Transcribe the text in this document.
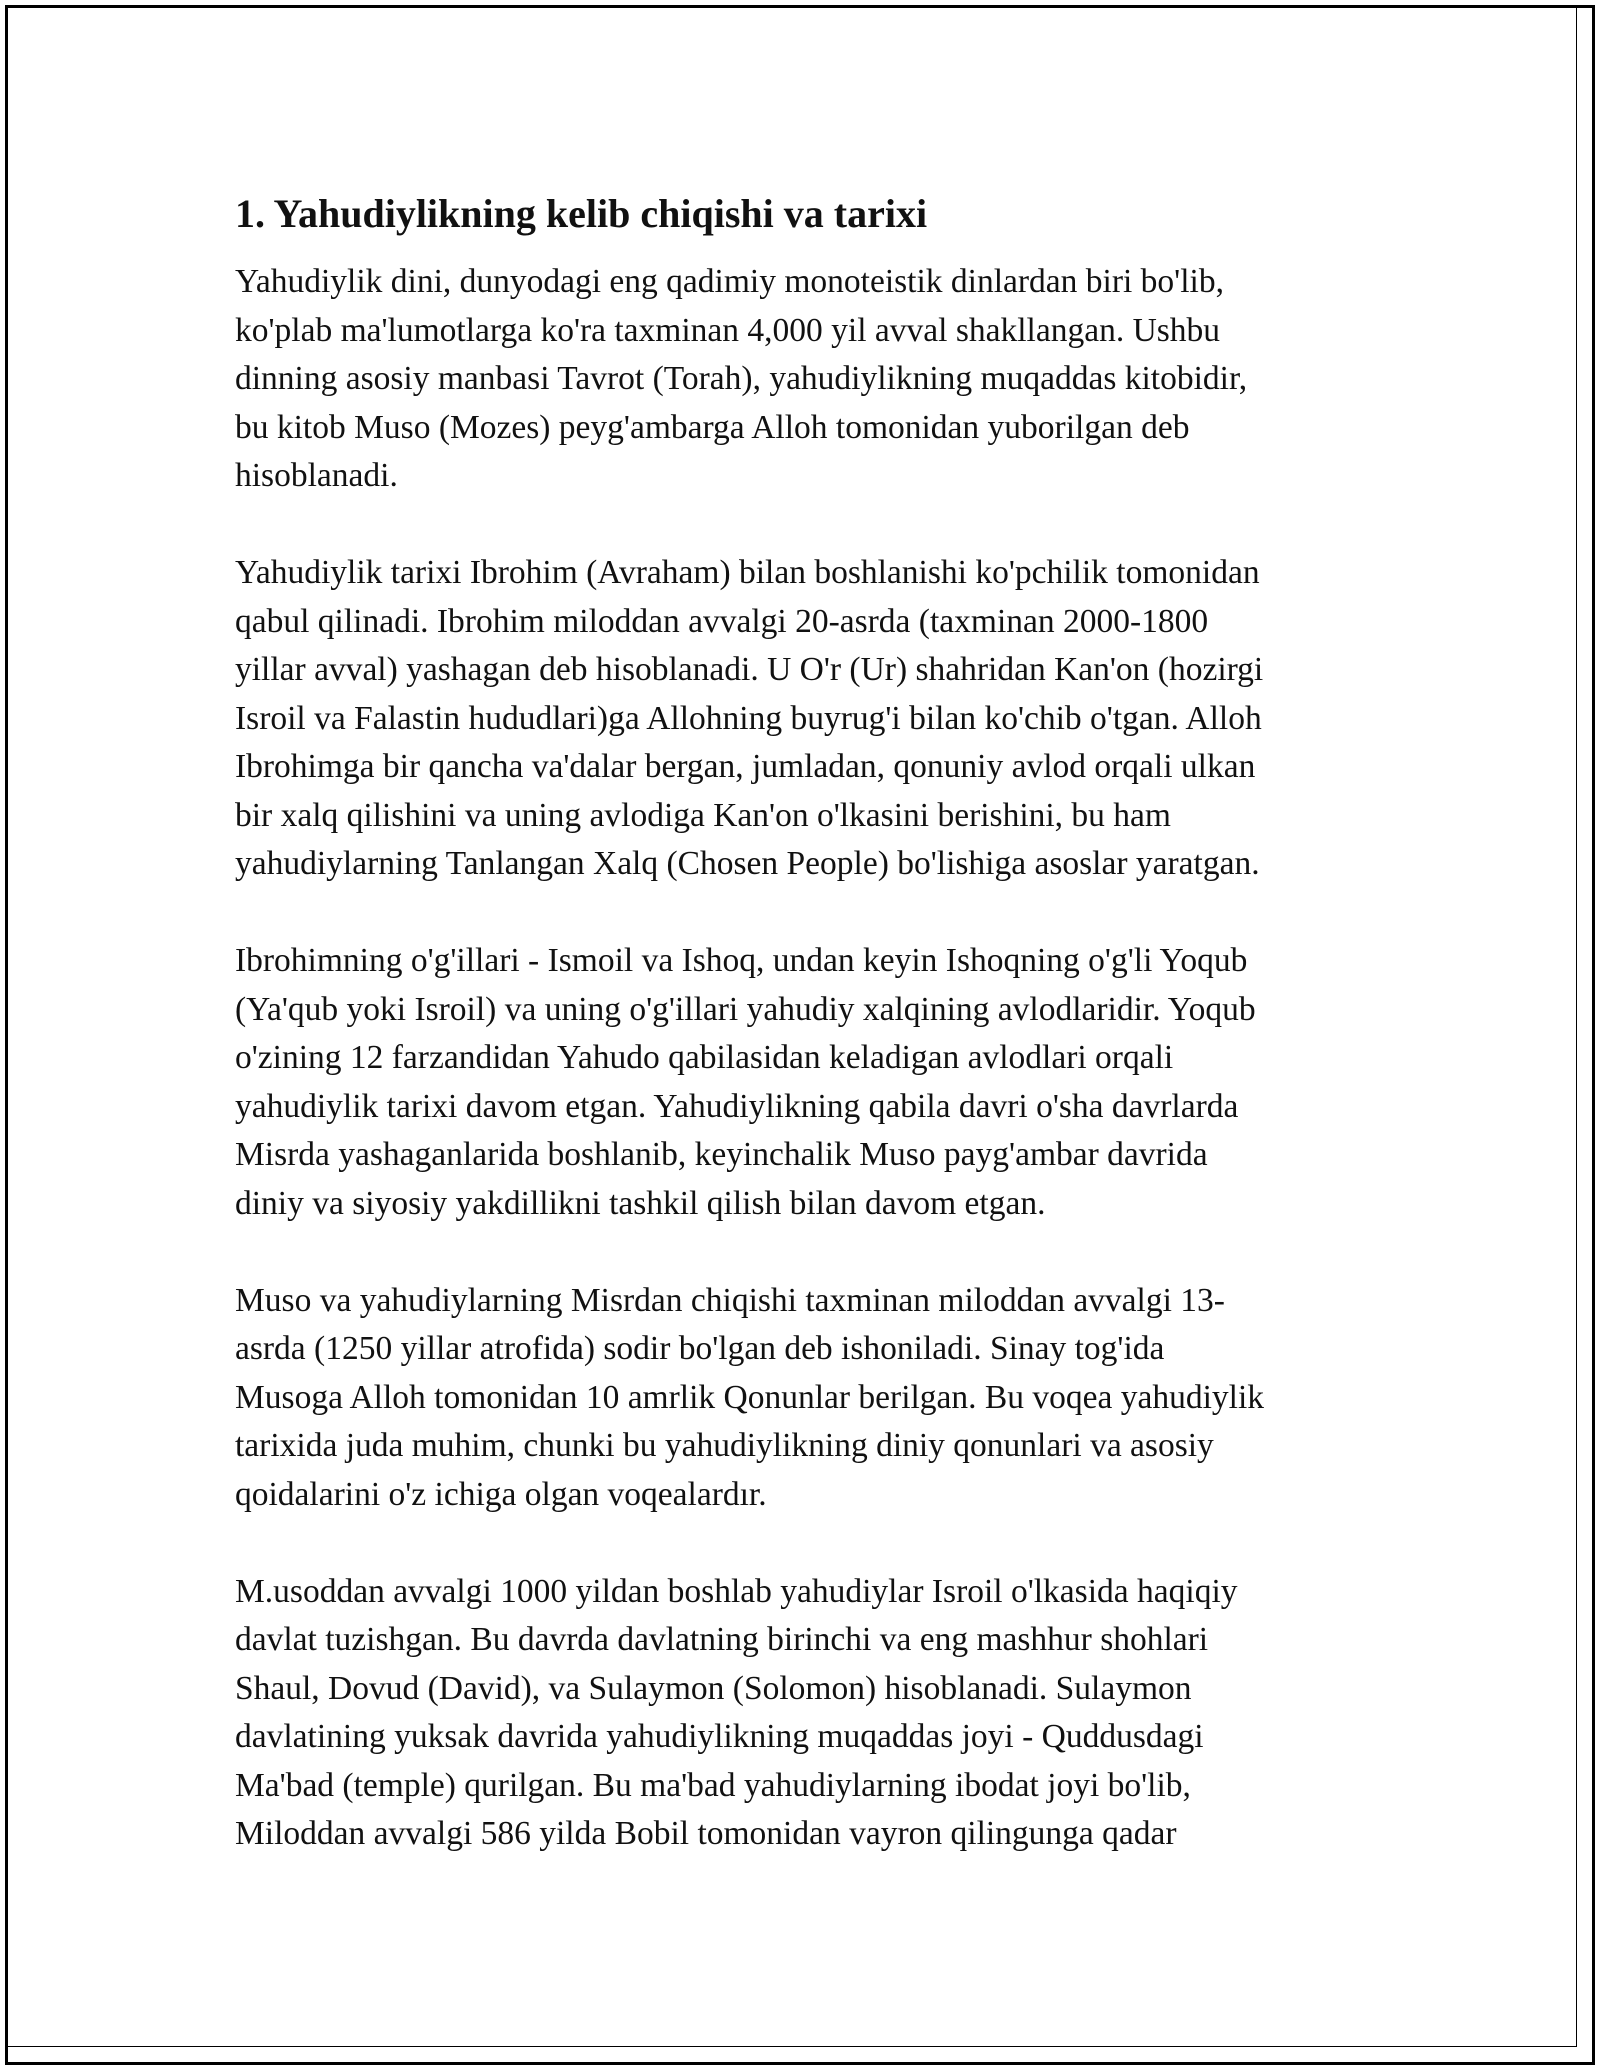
1. Yahudiylikning kelib chiqishi va tarixi
Yahudiylik dini, dunyodagi eng qadimiy monoteistik dinlardan biri bo'lib,
ko'plab ma'lumotlarga ko'ra taxminan 4,000 yil avval shakllangan. Ushbu
dinning asosiy manbasi Tavrot (Torah), yahudiylikning muqaddas kitobidir,
bu kitob Muso (Mozes) peyg'ambarga Alloh tomonidan yuborilgan deb
hisoblanadi.
Yahudiylik tarixi Ibrohim (Avraham) bilan boshlanishi ko'pchilik tomonidan
qabul qilinadi. Ibrohim miloddan avvalgi 20-asrda (taxminan 2000-1800
yillar avval) yashagan deb hisoblanadi. U O'r (Ur) shahridan Kan'on (hozirgi
Isroil va Falastin hududlari)ga Allohning buyrug'i bilan ko'chib o'tgan. Alloh
Ibrohimga bir qancha va'dalar bergan, jumladan, qonuniy avlod orqali ulkan
bir xalq qilishini va uning avlodiga Kan'on o'lkasini berishini, bu ham
yahudiylarning Tanlangan Xalq (Chosen People) bo'lishiga asoslar yaratgan.
Ibrohimning o'g'illari - Ismoil va Ishoq, undan keyin Ishoqning o'g'li Yoqub
(Ya'qub yoki Isroil) va uning o'g'illari yahudiy xalqining avlodlaridir. Yoqub
o'zining 12 farzandidan Yahudo qabilasidan keladigan avlodlari orqali
yahudiylik tarixi davom etgan. Yahudiylikning qabila davri o'sha davrlarda
Misrda yashaganlarida boshlanib, keyinchalik Muso payg'ambar davrida
diniy va siyosiy yakdillikni tashkil qilish bilan davom etgan.
Muso va yahudiylarning Misrdan chiqishi taxminan miloddan avvalgi 13-
asrda (1250 yillar atrofida) sodir bo'lgan deb ishoniladi. Sinay tog'ida
Musoga Alloh tomonidan 10 amrlik Qonunlar berilgan. Bu voqea yahudiylik
tarixida juda muhim, chunki bu yahudiylikning diniy qonunlari va asosiy
qoidalarini o'z ichiga olgan voqealardır.
M.usoddan avvalgi 1000 yildan boshlab yahudiylar Isroil o'lkasida haqiqiy
davlat tuzishgan. Bu davrda davlatning birinchi va eng mashhur shohlari
Shaul, Dovud (David), va Sulaymon (Solomon) hisoblanadi. Sulaymon
davlatining yuksak davrida yahudiylikning muqaddas joyi - Quddusdagi
Ma'bad (temple) qurilgan. Bu ma'bad yahudiylarning ibodat joyi bo'lib,
Miloddan avvalgi 586 yilda Bobil tomonidan vayron qilingunga qadar
